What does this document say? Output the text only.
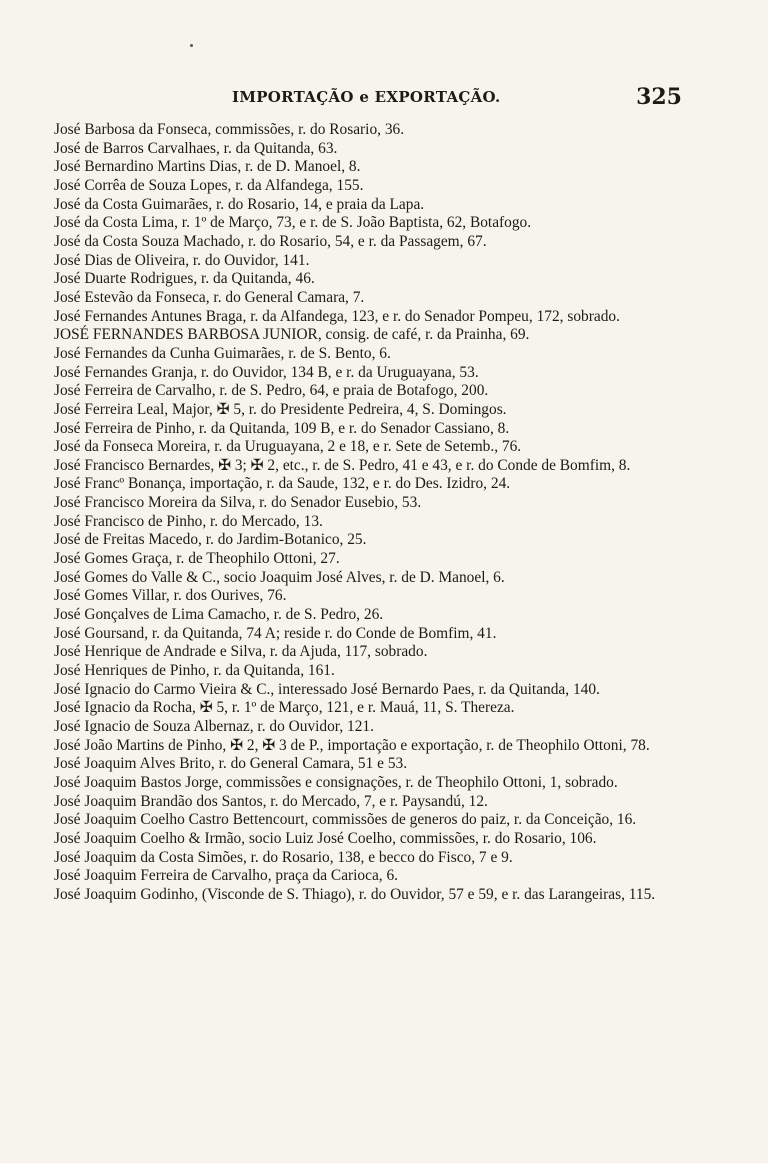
IMPORTAÇÃO e EXPORTAÇÃO.	325

José Barbosa da Fonseca, commissões, r. do Rosario, 36.

José de Barros Carvalhaes, r. da Quitanda, 63.

José Bernardino Martins Dias, r. de D. Manoel, 8.

José Corrêa de Souza Lopes, r. da Alfandega, 155.

José da Costa Guimarães, r. do Rosario, 14, e praia da Lapa.

José da Costa Lima, r. 1º de Março, 73, e r. de S. João Baptista, 62, Botafogo.

José da Costa Souza Machado, r. do Rosario, 54, e r. da Passagem, 67.

José Dias de Oliveira, r. do Ouvidor, 141.

José Duarte Rodrigues, r. da Quitanda, 46.

José Estevão da Fonseca, r. do General Camara, 7.

José Fernandes Antunes Braga, r. da Alfandega, 123, e r. do Senador Pompeu, 172, sobrado.

JOSÉ FERNANDES BARBOSA JUNIOR, consig. de café, r. da Prainha, 69.

José Fernandes da Cunha Guimarães, r. de S. Bento, 6.

José Fernandes Granja, r. do Ouvidor, 134 B, e r. da Uruguayana, 53.

José Ferreira de Carvalho, r. de S. Pedro, 64, e praia de Botafogo, 200.

José Ferreira Leal, Major, ✠ 5, r. do Presidente Pedreira, 4, S. Domingos.

José Ferreira de Pinho, r. da Quitanda, 109 B, e r. do Senador Cassiano, 8.

José da Fonseca Moreira, r. da Uruguayana, 2 e 18, e r. Sete de Setemb., 76.

José Francisco Bernardes, ✠ 3; ✠ 2, etc., r. de S. Pedro, 41 e 43, e r. do Conde de Bomfim, 8.

José Francº Bonança, importação, r. da Saude, 132, e r. do Des. Izidro, 24.

José Francisco Moreira da Silva, r. do Senador Eusebio, 53.

José Francisco de Pinho, r. do Mercado, 13.

José de Freitas Macedo, r. do Jardim-Botanico, 25.

José Gomes Graça, r. de Theophilo Ottoni, 27.

José Gomes do Valle & C., socio Joaquim José Alves, r. de D. Manoel, 6.

José Gomes Villar, r. dos Ourives, 76.

José Gonçalves de Lima Camacho, r. de S. Pedro, 26.

José Goursand, r. da Quitanda, 74 A; reside r. do Conde de Bomfim, 41.

José Henrique de Andrade e Silva, r. da Ajuda, 117, sobrado.

José Henriques de Pinho, r. da Quitanda, 161.

José Ignacio do Carmo Vieira & C., interessado José Bernardo Paes, r. da Quitanda, 140.

José Ignacio da Rocha, ✠ 5, r. 1º de Março, 121, e r. Mauá, 11, S. Thereza.

José Ignacio de Souza Albernaz, r. do Ouvidor, 121.

José João Martins de Pinho, ✠ 2, ✠ 3 de P., importação e exportação, r. de Theophilo Ottoni, 78.

José Joaquim Alves Brito, r. do General Camara, 51 e 53.

José Joaquim Bastos Jorge, commissões e consignações, r. de Theophilo Ottoni, 1, sobrado.

José Joaquim Brandão dos Santos, r. do Mercado, 7, e r. Paysandú, 12.

José Joaquim Coelho Castro Bettencourt, commissões de generos do paiz, r. da Conceição, 16.

José Joaquim Coelho & Irmão, socio Luiz José Coelho, commissões, r. do Rosario, 106.

José Joaquim da Costa Simões, r. do Rosario, 138, e becco do Fisco, 7 e 9.

José Joaquim Ferreira de Carvalho, praça da Carioca, 6.

José Joaquim Godinho, (Visconde de S. Thiago), r. do Ouvidor, 57 e 59, e r. das Larangeiras, 115.
